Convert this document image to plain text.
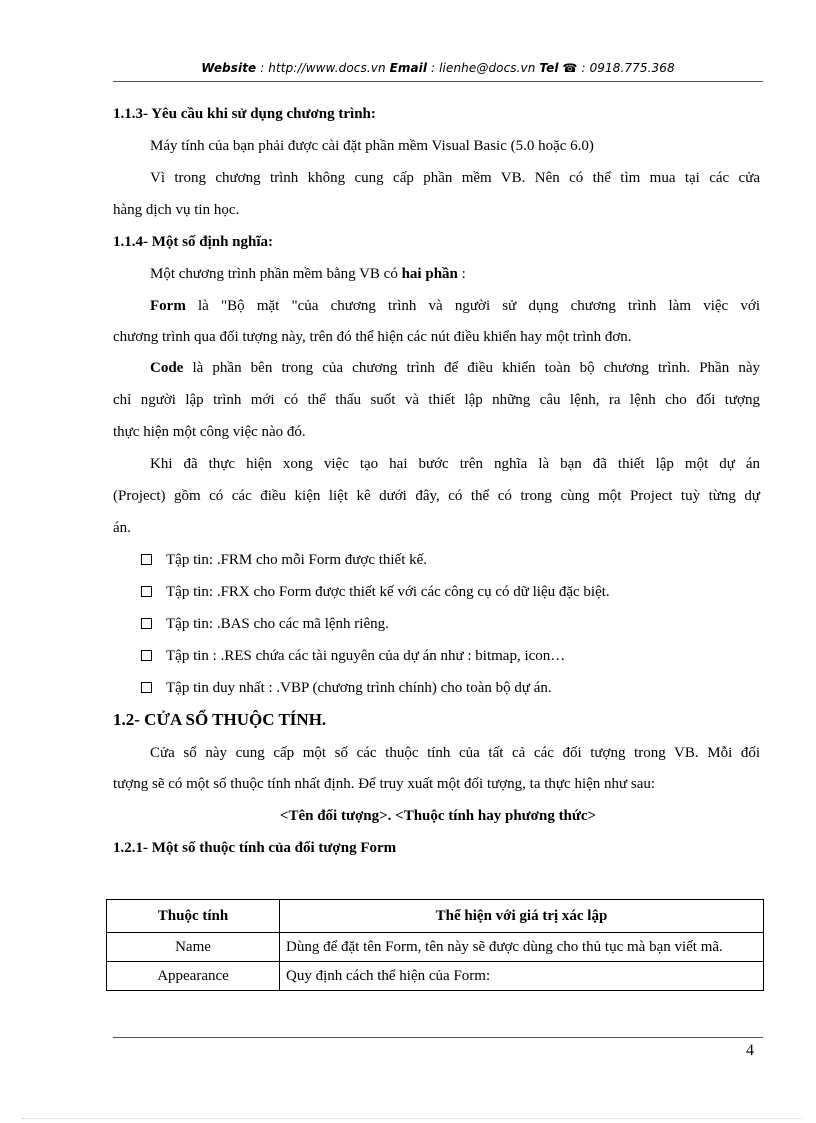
Website : http://www.docs.vn Email : lienhe@docs.vn Tel ☎ : 0918.775.368
1.1.3- Yêu cầu khi sử dụng chương trình:
Máy tính của bạn phải được cài đặt phần mềm Visual Basic (5.0 hoặc 6.0)
Vì trong chương trình không cung cấp phần mềm VB. Nên có thể tìm mua tại các cửa
hàng dịch vụ tin học.
1.1.4- Một số định nghĩa:
Một chương trình phần mềm bằng VB có hai phần :
Form là "Bộ mặt "của chương trình và người sử dụng chương trình làm việc với
chương trình qua đối tượng này, trên đó thể hiện các nút điều khiển hay một trình đơn.
Code là phần bên trong của chương trình để điều khiển toàn bộ chương trình. Phần này
chỉ người lập trình mới có thể thấu suốt và thiết lập những câu lệnh, ra lệnh cho đối tượng
thực hiện một công việc nào đó.
Khi đã thực hiện xong việc tạo hai bước trên nghĩa là bạn đã thiết lập một dự án
(Project) gồm có các điều kiện liệt kê dưới đây, có thể có trong cùng một Project tuỳ từng dự
án.
Tập tin: .FRM cho mỗi Form được thiết kế.
Tập tin: .FRX cho Form được thiết kế với các công cụ có dữ liệu đặc biệt.
Tập tin: .BAS cho các mã lệnh riêng.
Tập tin : .RES chứa các tài nguyên của dự án như : bitmap, icon…
Tập tin duy nhất : .VBP (chương trình chính) cho toàn bộ dự án.
1.2- CỬA SỔ THUỘC TÍNH.
Cửa sổ này cung cấp một số các thuộc tính của tất cả các đối tượng trong VB. Mỗi đối
tượng sẽ có một số thuộc tính nhất định. Để truy xuất một đối tượng, ta thực hiện như sau:
<Tên đối tượng>. <Thuộc tính hay phương thức>
1.2.1- Một số thuộc tính của đối tượng Form
Thuộc tính	Thể hiện với giá trị xác lập
Name	Dùng để đặt tên Form, tên này sẽ được dùng cho thủ tục mà bạn viết mã.
Appearance	Quy định cách thể hiện của Form:
4
